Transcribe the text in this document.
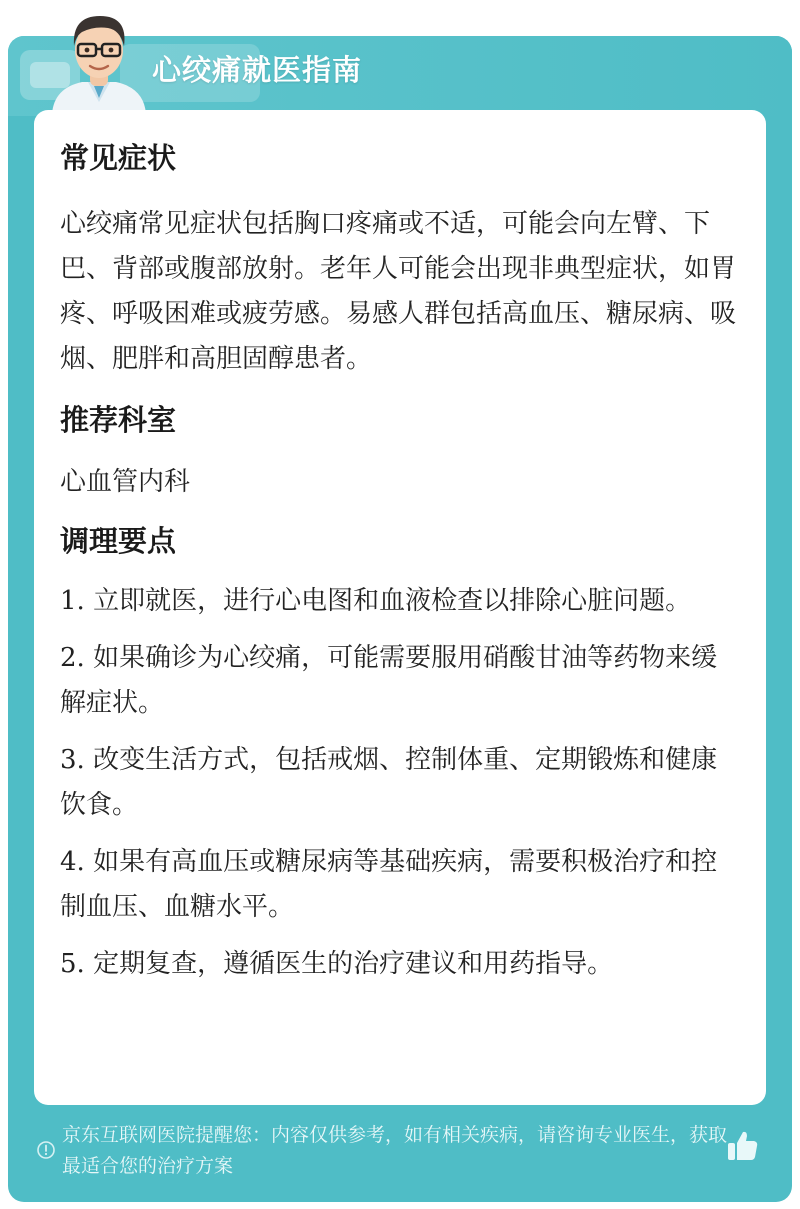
心绞痛就医指南
常见症状

心绞痛常见症状包括胸口疼痛或不适，可能会向左臂、下巴、背部或腹部放射。老年人可能会出现非典型症状，如胃疼、呼吸困难或疲劳感。易感人群包括高血压、糖尿病、吸烟、肥胖和高胆固醇患者。

推荐科室

心血管内科

调理要点
1. 立即就医，进行心电图和血液检查以排除心脏问题。
2. 如果确诊为心绞痛，可能需要服用硝酸甘油等药物来缓解症状。
3. 改变生活方式，包括戒烟、控制体重、定期锻炼和健康饮食。
4. 如果有高血压或糖尿病等基础疾病，需要积极治疗和控制血压、血糖水平。
5. 定期复查，遵循医生的治疗建议和用药指导。
京东互联网医院提醒您：内容仅供参考，如有相关疾病，请咨询专业医生，获取最适合您的治疗方案
